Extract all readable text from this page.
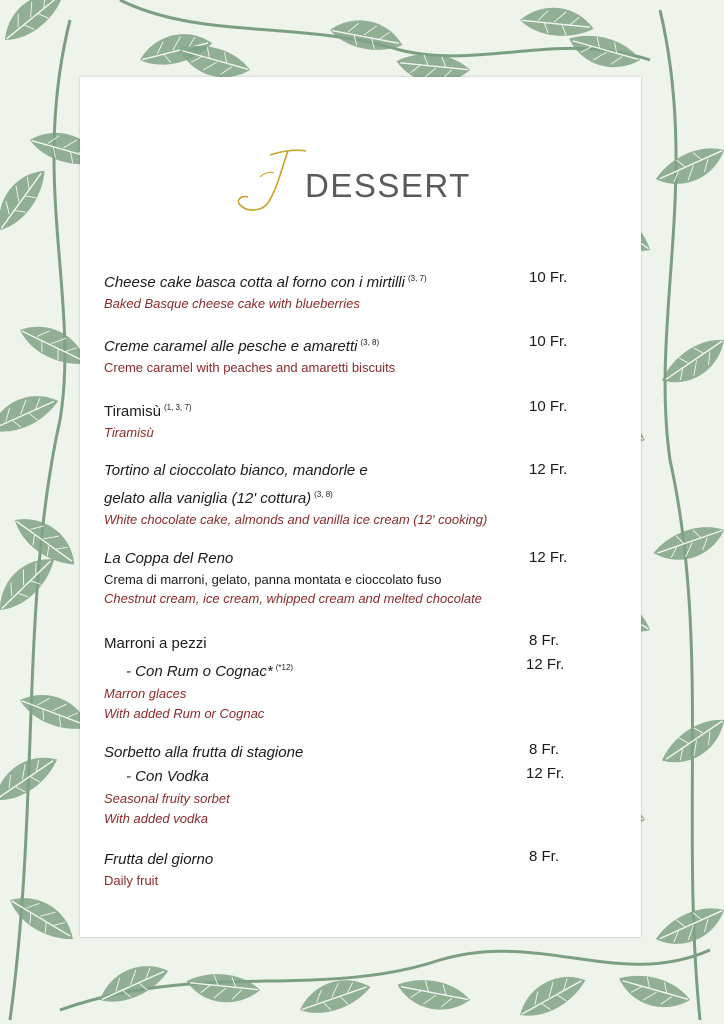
DESSERT
Cheese cake basca cotta al forno con i mirtilli $^{(3, 7)}$	10 Fr.
Baked Basque cheese cake with blueberries
Creme caramel alle pesche e amaretti $^{(3, 8)}$	10 Fr.
Creme caramel with peaches and amaretti biscuits
Tiramisù $^{(1, 3, 7)}$	10 Fr.
Tiramisù
Tortino al cioccolato bianco, mandorle e
gelato alla vaniglia (12' cottura) $^{(3, 8)}$
12 Fr.
White chocolate cake, almonds and vanilla ice cream (12' cooking)
La Coppa del Reno	12 Fr.
Crema di marroni, gelato, panna montata e cioccolato fuso
Chestnut cream, ice cream, whipped cream and melted chocolate
Marroni a pezzi	8 Fr.
- Con Rum o Cognac* $^{(*12)}$	12 Fr.
Marron glaces
With added Rum or Cognac
Sorbetto alla frutta di stagione	8 Fr.
- Con Vodka	12 Fr.
Seasonal fruity sorbet
With added vodka
Frutta del giorno	8 Fr.
Daily fruit
